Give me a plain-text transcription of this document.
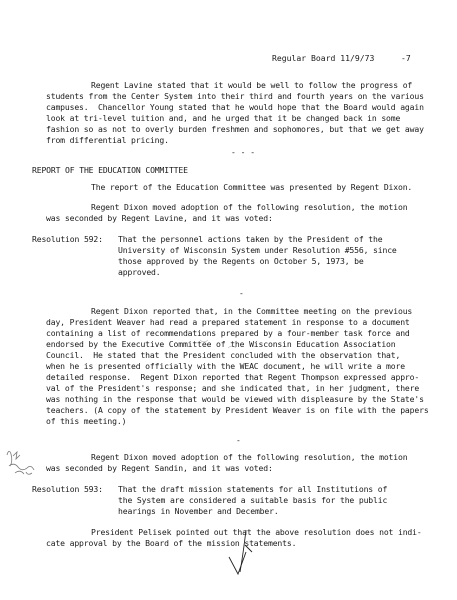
Regular Board 11/9/73	-7

Regent Lavine stated that it would be well to follow the progress of

students from the Center System into their third and fourth years on the various

campuses.  Chancellor Young stated that he would hope that the Board would again

look at tri-level tuition and, and he urged that it be changed back in some

fashion so as not to overly burden freshmen and sophomores, but that we get away

from differential pricing.

- - -

REPORT OF THE EDUCATION COMMITTEE

The report of the Education Committee was presented by Regent Dixon.

Regent Dixon moved adoption of the following resolution, the motion

was seconded by Regent Lavine, and it was voted:

Resolution 592: That the personnel actions taken by the President of the

University of Wisconsin System under Resolution #556, since

those approved by the Regents on October 5, 1973, be

approved.

-

Regent Dixon reported that, in the Committee meeting on the previous

day, President Weaver had read a prepared statement in response to a document

containing a list of recommendations prepared by a four-member task force and

endorsed by the Executive Committee of the Wisconsin Education Association

Council.  He stated that the President concluded with the observation that,

when he is presented officially with the WEAC document, he will write a more

detailed response.  Regent Dixon reported that Regent Thompson expressed appro-

val of the President's response; and she indicated that, in her judgment, there

was nothing in the response that would be viewed with displeasure by the State's

teachers. (A copy of the statement by President Weaver is on file with the papers

of this meeting.)

-

Regent Dixon moved adoption of the following resolution, the motion

was seconded by Regent Sandin, and it was voted:

Resolution 593: That the draft mission statements for all Institutions of

the System are considered a suitable basis for the public

hearings in November and December.

President Pelisek pointed out that the above resolution does not indi-

cate approval by the Board of the mission statements.
